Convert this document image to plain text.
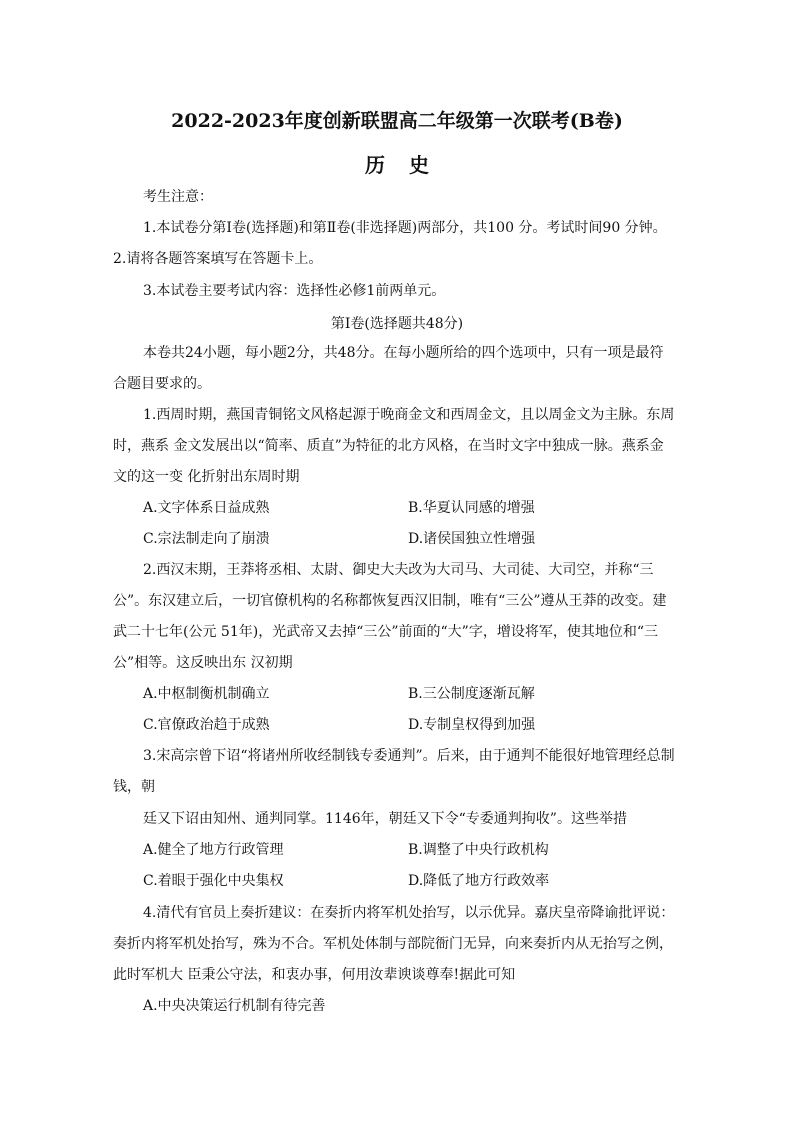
2022-2023年度创新联盟高二年级第一次联考(B卷)
历史
考生注意：
1.本试卷分第Ⅰ卷(选择题)和第Ⅱ卷(非选择题)两部分，共100 分。考试时间90 分钟。
2.请将各题答案填写在答题卡上。
3.本试卷主要考试内容：选择性必修1前两单元。
第Ⅰ卷(选择题共48分)
本卷共24小题，每小题2分，共48分。在每小题所给的四个选项中，只有一项是最符
合题目要求的。
1.西周时期，燕国青铜铭文风格起源于晚商金文和西周金文，且以周金文为主脉。东周
时，燕系 金文发展出以“简率、质直”为特征的北方风格，在当时文字中独成一脉。燕系金
文的这一变 化折射出东周时期
A.文字体系日益成熟	B.华夏认同感的增强
C.宗法制走向了崩溃	D.诸侯国独立性增强
2.西汉末期，王莽将丞相、太尉、御史大夫改为大司马、大司徒、大司空，并称“三
公”。东汉建立后，一切官僚机构的名称都恢复西汉旧制，唯有“三公”遵从王莽的改变。建
武二十七年(公元 51年)，光武帝又去掉“三公”前面的“大”字，增设将军，使其地位和“三
公”相等。这反映出东 汉初期
A.中枢制衡机制确立	B.三公制度逐渐瓦解
C.官僚政治趋于成熟	D.专制皇权得到加强
3.宋高宗曾下诏“将诸州所收经制钱专委通判”。后来，由于通判不能很好地管理经总制
钱，朝
廷又下诏由知州、通判同掌。1146年，朝廷又下令“专委通判拘收”。这些举措
A.健全了地方行政管理	B.调整了中央行政机构
C.着眼于强化中央集权	D.降低了地方行政效率
4.清代有官员上奏折建议：在奏折内将军机处抬写，以示优异。嘉庆皇帝降谕批评说：
奏折内将军机处抬写，殊为不合。军机处体制与部院衙门无异，向来奏折内从无抬写之例，
此时军机大 臣秉公守法，和衷办事，何用汝辈谀谈尊奉!据此可知
A.中央决策运行机制有待完善
